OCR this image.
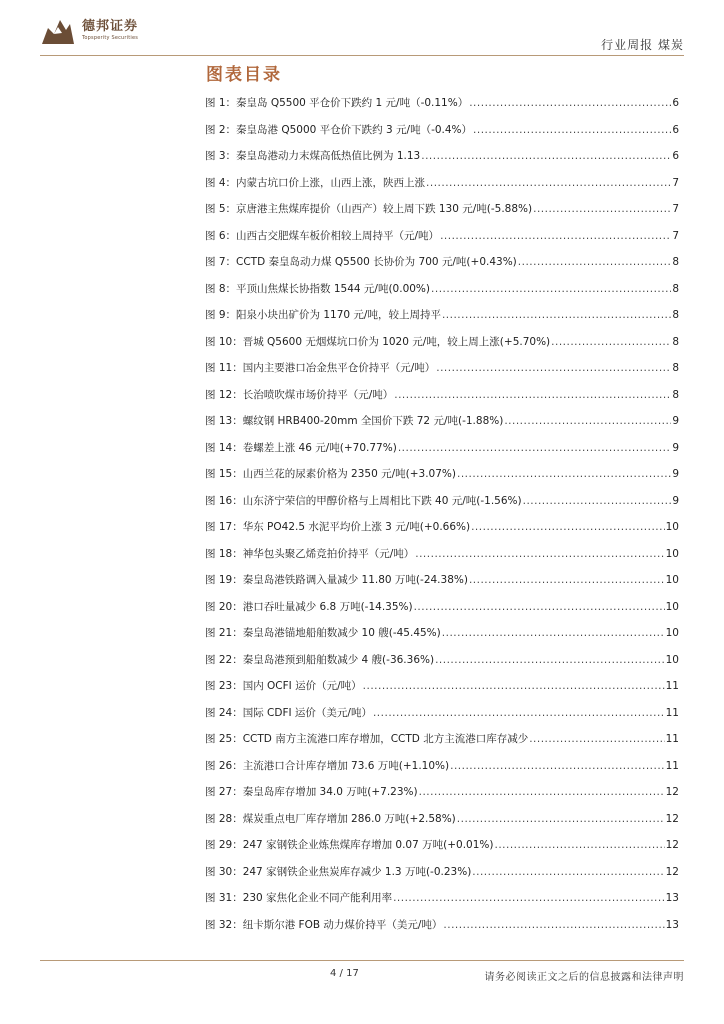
德邦证券
Topsperity Securities
行业周报 煤炭
图表目录
图 1：秦皇岛 Q5500 平仓价下跌约 1 元/吨（-0.11%） .....	6
图 2：秦皇岛港 Q5000 平仓价下跌约 3 元/吨（-0.4%） .....	6
图 3：秦皇岛港动力末煤高低热值比例为 1.13 .....	6
图 4：内蒙古坑口价上涨，山西上涨，陕西上涨 .....	7
图 5：京唐港主焦煤库提价（山西产）较上周下跌 130 元/吨(-5.88%) .....	7
图 6：山西古交肥煤车板价相较上周持平（元/吨） .....	7
图 7：CCTD 秦皇岛动力煤 Q5500 长协价为 700 元/吨(+0.43%) .....	8
图 8：平顶山焦煤长协指数 1544 元/吨(0.00%) .....	8
图 9：阳泉小块出矿价为 1170 元/吨，较上周持平 .....	8
图 10：晋城 Q5600 无烟煤坑口价为 1020 元/吨，较上周上涨(+5.70%) .....	8
图 11：国内主要港口冶金焦平仓价持平（元/吨） .....	8
图 12：长治喷吹煤市场价持平（元/吨） .....	8
图 13：螺纹钢 HRB400-20mm 全国价下跌 72 元/吨(-1.88%) .....	9
图 14：卷螺差上涨 46 元/吨(+70.77%) .....	9
图 15：山西兰花的尿素价格为 2350 元/吨(+3.07%) .....	9
图 16：山东济宁荣信的甲醇价格与上周相比下跌 40 元/吨(-1.56%) .....	9
图 17：华东 PO42.5 水泥平均价上涨 3 元/吨(+0.66%) .....	10
图 18：神华包头聚乙烯竞拍价持平（元/吨） .....	10
图 19：秦皇岛港铁路调入量减少 11.80 万吨(-24.38%) .....	10
图 20：港口吞吐量减少 6.8 万吨(-14.35%) .....	10
图 21：秦皇岛港锚地船舶数减少 10 艘(-45.45%) .....	10
图 22：秦皇岛港预到船舶数减少 4 艘(-36.36%) .....	10
图 23：国内 OCFI 运价（元/吨） .....	11
图 24：国际 CDFI 运价（美元/吨） .....	11
图 25：CCTD 南方主流港口库存增加，CCTD 北方主流港口库存减少 .....	11
图 26：主流港口合计库存增加 73.6 万吨(+1.10%) .....	11
图 27：秦皇岛库存增加 34.0 万吨(+7.23%) .....	12
图 28：煤炭重点电厂库存增加 286.0 万吨(+2.58%) .....	12
图 29：247 家钢铁企业炼焦煤库存增加 0.07 万吨(+0.01%) .....	12
图 30：247 家钢铁企业焦炭库存减少 1.3 万吨(-0.23%) .....	12
图 31：230 家焦化企业不同产能利用率 .....	13
图 32：纽卡斯尔港 FOB 动力煤价持平（美元/吨） .....	13
4 / 17	请务必阅读正文之后的信息披露和法律声明
